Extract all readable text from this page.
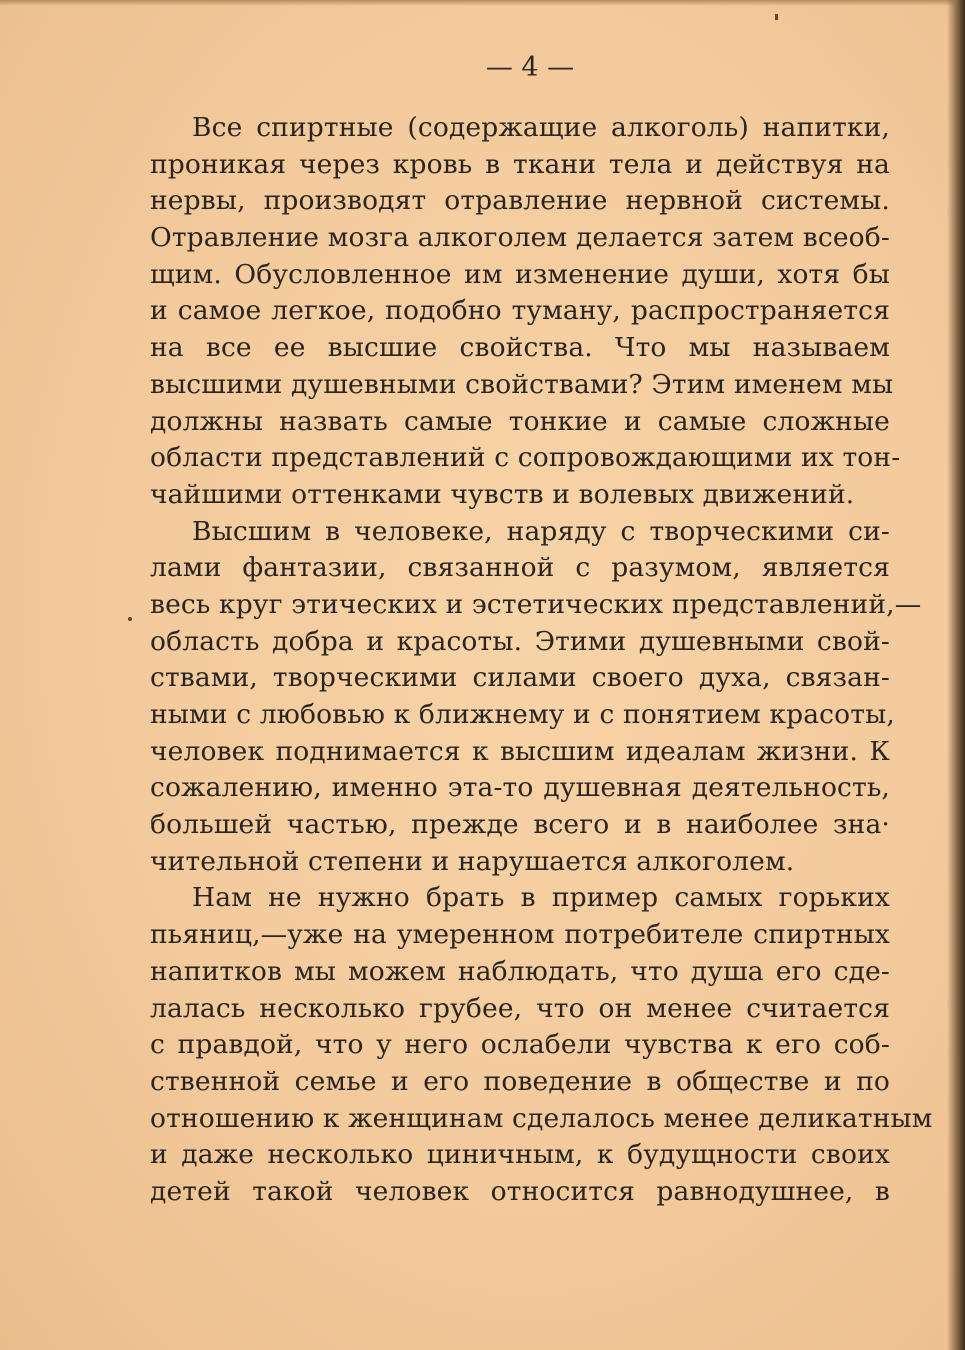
— 4 —
Все спиртные (содержащие алкоголь) напитки,
проникая через кровь в ткани тела и действуя на
нервы, производят отравление нервной системы.
Отравление мозга алкоголем делается затем всеоб-
щим. Обусловленное им изменение души, хотя бы
и самое легкое, подобно туману, распространяется
на все ее высшие свойства. Что мы называем
высшими душевными свойствами? Этим именем мы
должны назвать самые тонкие и самые сложные
области представлений с сопровождающими их тон-
чайшими оттенками чувств и волевых движений.
Высшим в человеке, наряду с творческими си-
лами фантазии, связанной с разумом, является
весь круг этических и эстетических представлений,—
область добра и красоты. Этими душевными свой-
ствами, творческими силами своего духа, связан-
ными с любовью к ближнему и с понятием красоты,
человек поднимается к высшим идеалам жизни. К
сожалению, именно эта-то душевная деятельность,
большей частью, прежде всего и в наиболее зна·
чительной степени и нарушается алкоголем.
Нам не нужно брать в пример самых горьких
пьяниц,—уже на умеренном потребителе спиртных
напитков мы можем наблюдать, что душа его сде-
лалась несколько грубее, что он менее считается
с правдой, что у него ослабели чувства к его соб-
ственной семье и его поведение в обществе и по
отношению к женщинам сделалось менее деликатным
и даже несколько циничным, к будущности своих
детей такой человек относится равнодушнее, в
